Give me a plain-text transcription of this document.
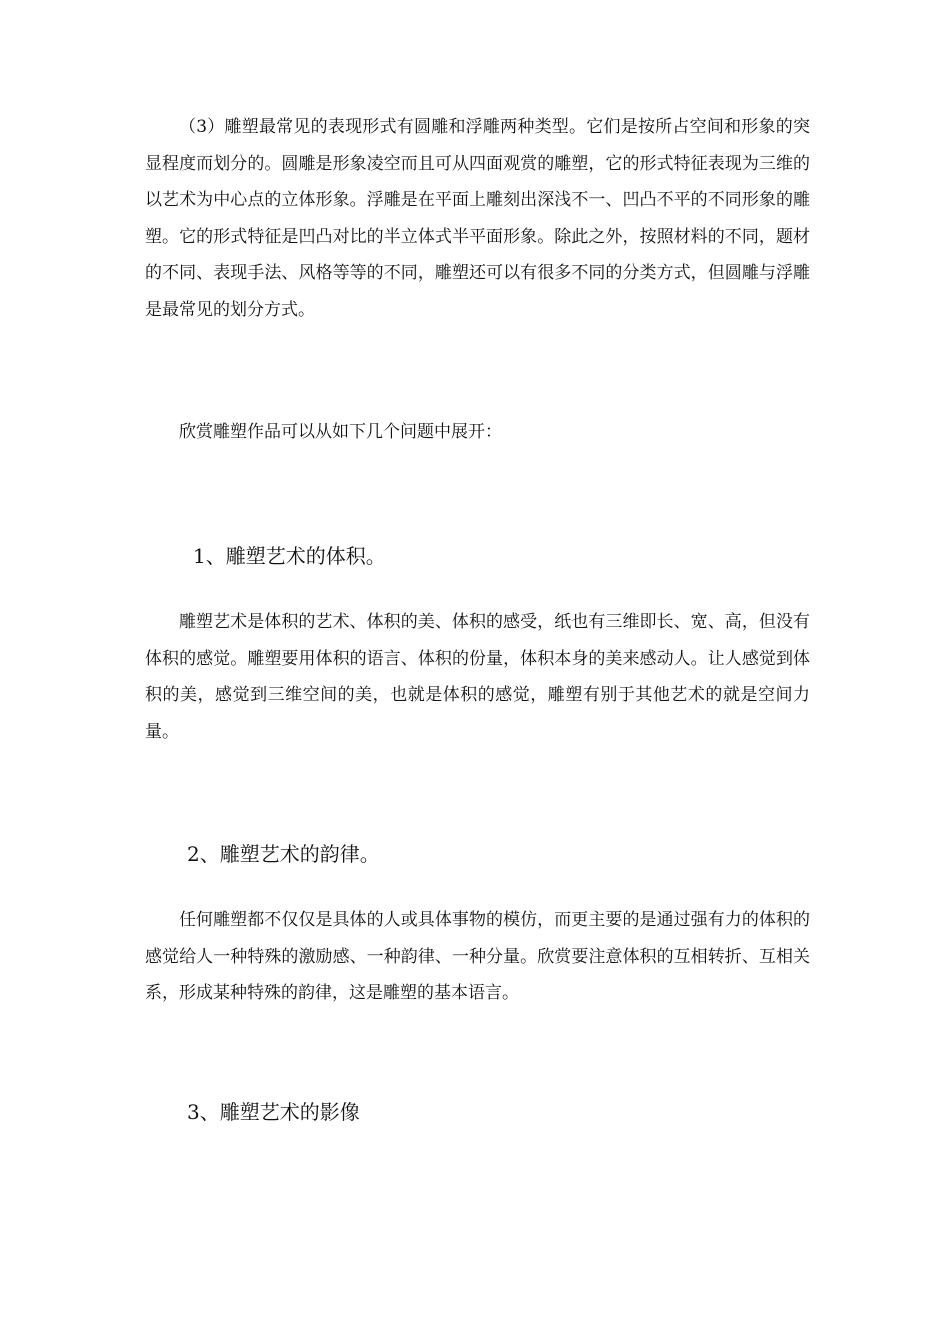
（3）雕塑最常见的表现形式有圆雕和浮雕两种类型。它们是按所占空间和形象的突显程度而划分的。圆雕是形象凌空而且可从四面观赏的雕塑，它的形式特征表现为三维的以艺术为中心点的立体形象。浮雕是在平面上雕刻出深浅不一、凹凸不平的不同形象的雕塑。它的形式特征是凹凸对比的半立体式半平面形象。除此之外，按照材料的不同，题材的不同、表现手法、风格等等的不同，雕塑还可以有很多不同的分类方式，但圆雕与浮雕是最常见的划分方式。

欣赏雕塑作品可以从如下几个问题中展开：

1、雕塑艺术的体积。

雕塑艺术是体积的艺术、体积的美、体积的感受，纸也有三维即长、宽、高，但没有体积的感觉。雕塑要用体积的语言、体积的份量，体积本身的美来感动人。让人感觉到体积的美，感觉到三维空间的美，也就是体积的感觉，雕塑有别于其他艺术的就是空间力量。

2、雕塑艺术的韵律。

任何雕塑都不仅仅是具体的人或具体事物的模仿，而更主要的是通过强有力的体积的感觉给人一种特殊的激励感、一种韵律、一种分量。欣赏要注意体积的互相转折、互相关系，形成某种特殊的韵律，这是雕塑的基本语言。

3、雕塑艺术的影像
